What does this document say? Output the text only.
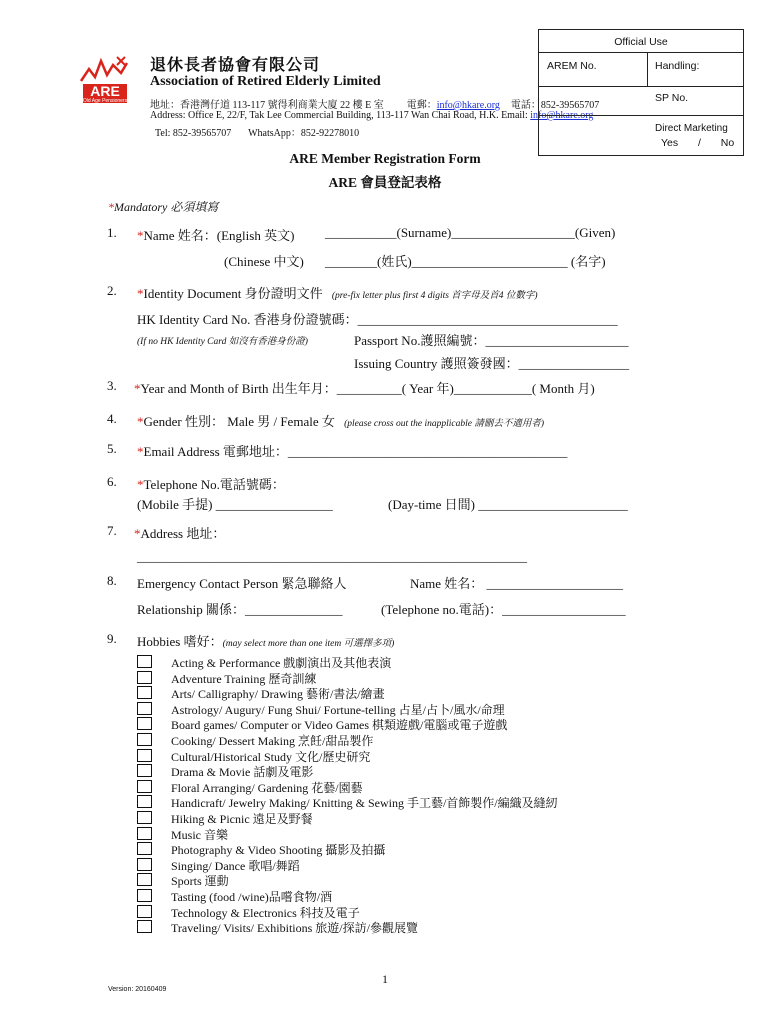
ARE
Old Age Pensioners
退休長者協會有限公司
Association of Retired Elderly Limited
地址：香港灣仔道 113-117 號得利商業大廈 22 樓 E 室 電郵：info@hkare.org 電話：852-39565707
Address: Office E, 22/F, Tak Lee Commercial Building, 113-117 Wan Chai Road, H.K. Email: info@hkare.org
Tel: 852-39565707 WhatsApp：852-92278010
Official Use
AREM No.	Handling:
SP No.
Direct Marketing
Yes / No
ARE Member Registration Form
ARE 會員登記表格
*Mandatory 必須填寫
1. *Name 姓名：(English 英文) ___________(Surname)___________________(Given)
(Chinese 中文) ________(姓氏)________________________ (名字)
2. *Identity Document 身份證明文件 (pre-fix letter plus first 4 digits 首字母及首4 位數字)
HK Identity Card No. 香港身份證號碼：________________________________________
(If no HK Identity Card 如沒有香港身份證)	Passport No.護照編號：______________________
Issuing Country 護照簽發國：_________________
3. *Year and Month of Birth 出生年月：__________( Year 年)____________( Month 月)
4. *Gender 性別： Male 男 / Female 女 (please cross out the inapplicable 請刪去不適用者)
5. *Email Address 電郵地址：___________________________________________
6. *Telephone No.電話號碼：
(Mobile 手提) __________________	(Day-time 日間) _______________________
7. *Address 地址：
____________________________________________________________
8. Emergency Contact Person 緊急聯絡人	Name 姓名： _____________________
Relationship 關係：_______________	(Telephone no.電話)：___________________
9. Hobbies 嗜好：(may select more than one item 可選擇多項)
Acting & Performance 戲劇演出及其他表演
Adventure Training 歷奇訓練
Arts/ Calligraphy/ Drawing 藝術/書法/繪畫
Astrology/ Augury/ Fung Shui/ Fortune-telling 占星/占卜/風水/命理
Board games/ Computer or Video Games 棋類遊戲/電腦或電子遊戲
Cooking/ Dessert Making 烹飪/甜品製作
Cultural/Historical Study 文化/歷史研究
Drama & Movie 話劇及電影
Floral Arranging/ Gardening 花藝/園藝
Handicraft/ Jewelry Making/ Knitting & Sewing 手工藝/首飾製作/編織及縫紉
Hiking & Picnic 遠足及野餐
Music 音樂
Photography & Video Shooting 攝影及拍攝
Singing/ Dance 歌唱/舞蹈
Sports 運動
Tasting (food /wine)品嚐食物/酒
Technology & Electronics 科技及電子
Traveling/ Visits/ Exhibitions 旅遊/探訪/參觀展覽
1
Version: 20160409
